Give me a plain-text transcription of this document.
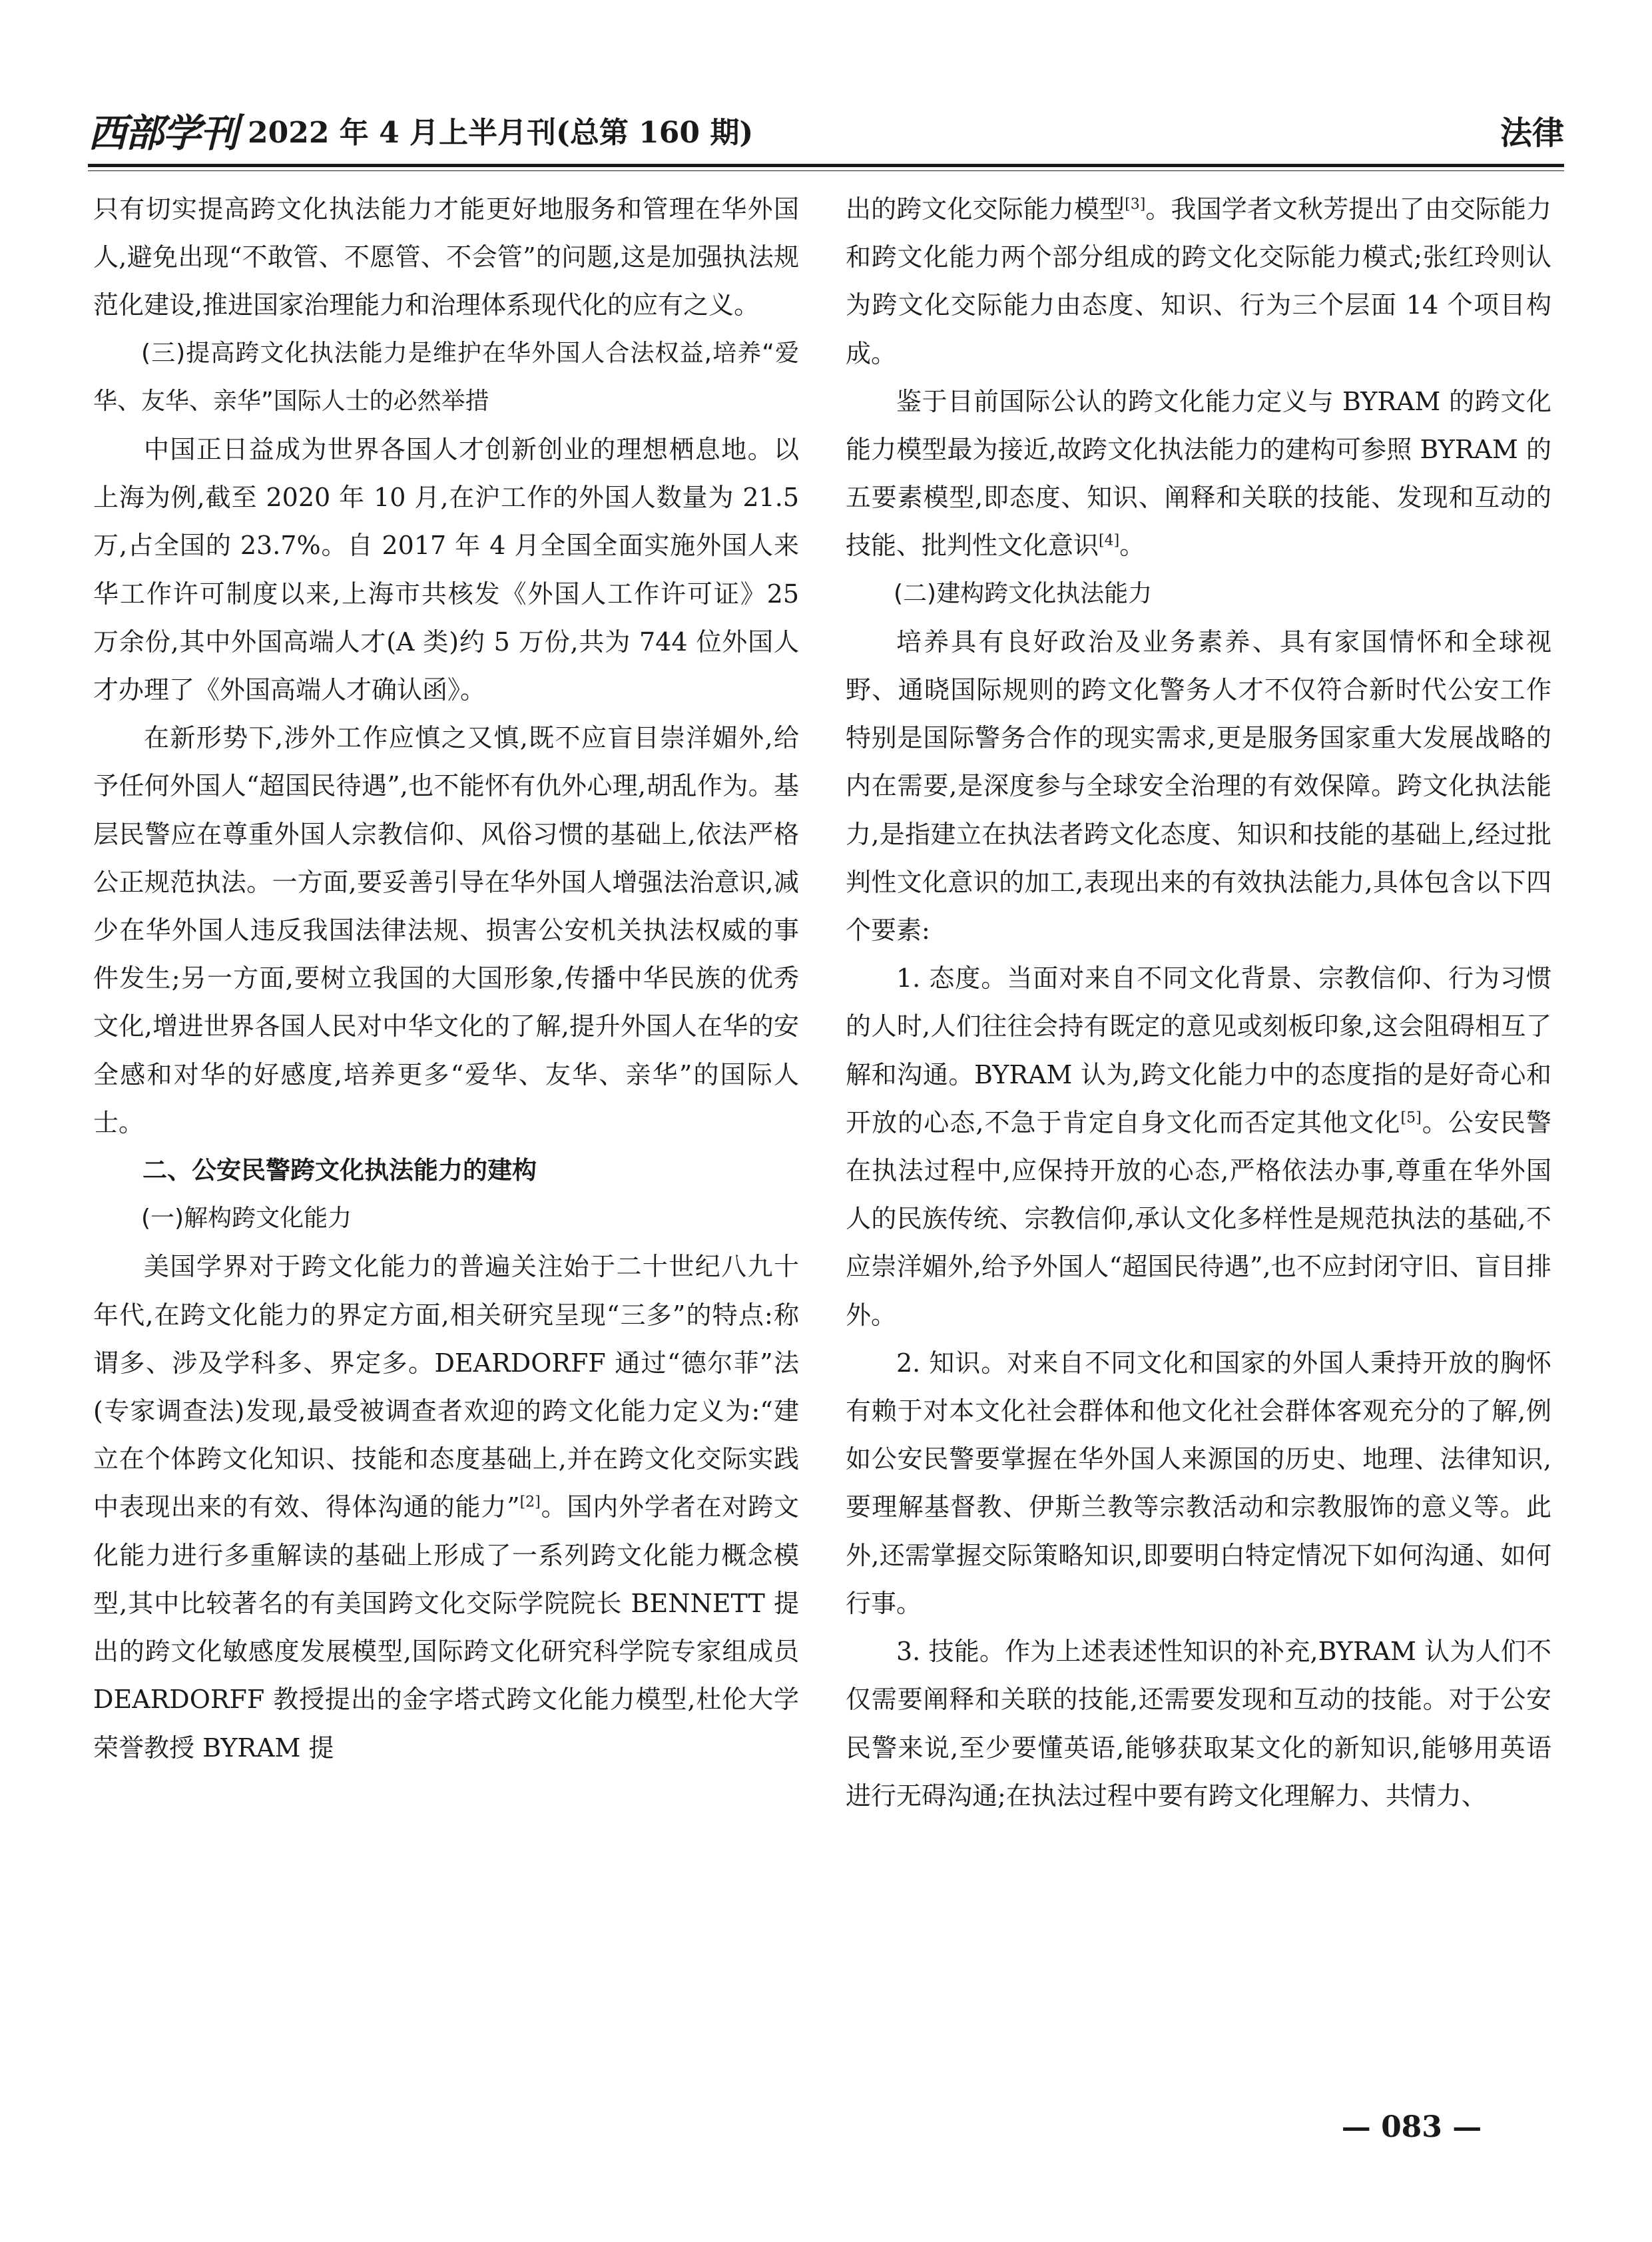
西部学刊 2022 年 4 月上半月刊(总第 160 期)	法律

只有切实提高跨文化执法能力才能更好地服务和管理在华外国人,避免出现“不敢管、不愿管、不会管”的问题,这是加强执法规范化建设,推进国家治理能力和治理体系现代化的应有之义。

(三)提高跨文化执法能力是维护在华外国人合法权益,培养“爱华、友华、亲华”国际人士的必然举措

中国正日益成为世界各国人才创新创业的理想栖息地。以上海为例,截至 2020 年 10 月,在沪工作的外国人数量为 21.5 万,占全国的 23.7%。自 2017 年 4 月全国全面实施外国人来华工作许可制度以来,上海市共核发《外国人工作许可证》25 万余份,其中外国高端人才(A 类)约 5 万份,共为 744 位外国人才办理了《外国高端人才确认函》。

在新形势下,涉外工作应慎之又慎,既不应盲目崇洋媚外,给予任何外国人“超国民待遇”,也不能怀有仇外心理,胡乱作为。基层民警应在尊重外国人宗教信仰、风俗习惯的基础上,依法严格公正规范执法。一方面,要妥善引导在华外国人增强法治意识,减少在华外国人违反我国法律法规、损害公安机关执法权威的事件发生;另一方面,要树立我国的大国形象,传播中华民族的优秀文化,增进世界各国人民对中华文化的了解,提升外国人在华的安全感和对华的好感度,培养更多“爱华、友华、亲华”的国际人士。

二、公安民警跨文化执法能力的建构

(一)解构跨文化能力

美国学界对于跨文化能力的普遍关注始于二十世纪八九十年代,在跨文化能力的界定方面,相关研究呈现“三多”的特点:称谓多、涉及学科多、界定多。DEARDORFF 通过“德尔菲”法(专家调查法)发现,最受被调查者欢迎的跨文化能力定义为:“建立在个体跨文化知识、技能和态度基础上,并在跨文化交际实践中表现出来的有效、得体沟通的能力”[2]。国内外学者在对跨文化能力进行多重解读的基础上形成了一系列跨文化能力概念模型,其中比较著名的有美国跨文化交际学院院长 BENNETT 提出的跨文化敏感度发展模型,国际跨文化研究科学院专家组成员 DEARDORFF 教授提出的金字塔式跨文化能力模型,杜伦大学荣誉教授 BYRAM 提

出的跨文化交际能力模型[3]。我国学者文秋芳提出了由交际能力和跨文化能力两个部分组成的跨文化交际能力模式;张红玲则认为跨文化交际能力由态度、知识、行为三个层面 14 个项目构成。

鉴于目前国际公认的跨文化能力定义与 BYRAM 的跨文化能力模型最为接近,故跨文化执法能力的建构可参照 BYRAM 的五要素模型,即态度、知识、阐释和关联的技能、发现和互动的技能、批判性文化意识[4]。

(二)建构跨文化执法能力

培养具有良好政治及业务素养、具有家国情怀和全球视野、通晓国际规则的跨文化警务人才不仅符合新时代公安工作特别是国际警务合作的现实需求,更是服务国家重大发展战略的内在需要,是深度参与全球安全治理的有效保障。跨文化执法能力,是指建立在执法者跨文化态度、知识和技能的基础上,经过批判性文化意识的加工,表现出来的有效执法能力,具体包含以下四个要素:

1. 态度。当面对来自不同文化背景、宗教信仰、行为习惯的人时,人们往往会持有既定的意见或刻板印象,这会阻碍相互了解和沟通。BYRAM 认为,跨文化能力中的态度指的是好奇心和开放的心态,不急于肯定自身文化而否定其他文化[5]。公安民警在执法过程中,应保持开放的心态,严格依法办事,尊重在华外国人的民族传统、宗教信仰,承认文化多样性是规范执法的基础,不应崇洋媚外,给予外国人“超国民待遇”,也不应封闭守旧、盲目排外。

2. 知识。对来自不同文化和国家的外国人秉持开放的胸怀有赖于对本文化社会群体和他文化社会群体客观充分的了解,例如公安民警要掌握在华外国人来源国的历史、地理、法律知识,要理解基督教、伊斯兰教等宗教活动和宗教服饰的意义等。此外,还需掌握交际策略知识,即要明白特定情况下如何沟通、如何行事。

3. 技能。作为上述表述性知识的补充,BYRAM 认为人们不仅需要阐释和关联的技能,还需要发现和互动的技能。对于公安民警来说,至少要懂英语,能够获取某文化的新知识,能够用英语进行无碍沟通;在执法过程中要有跨文化理解力、共情力、

— 083 —
